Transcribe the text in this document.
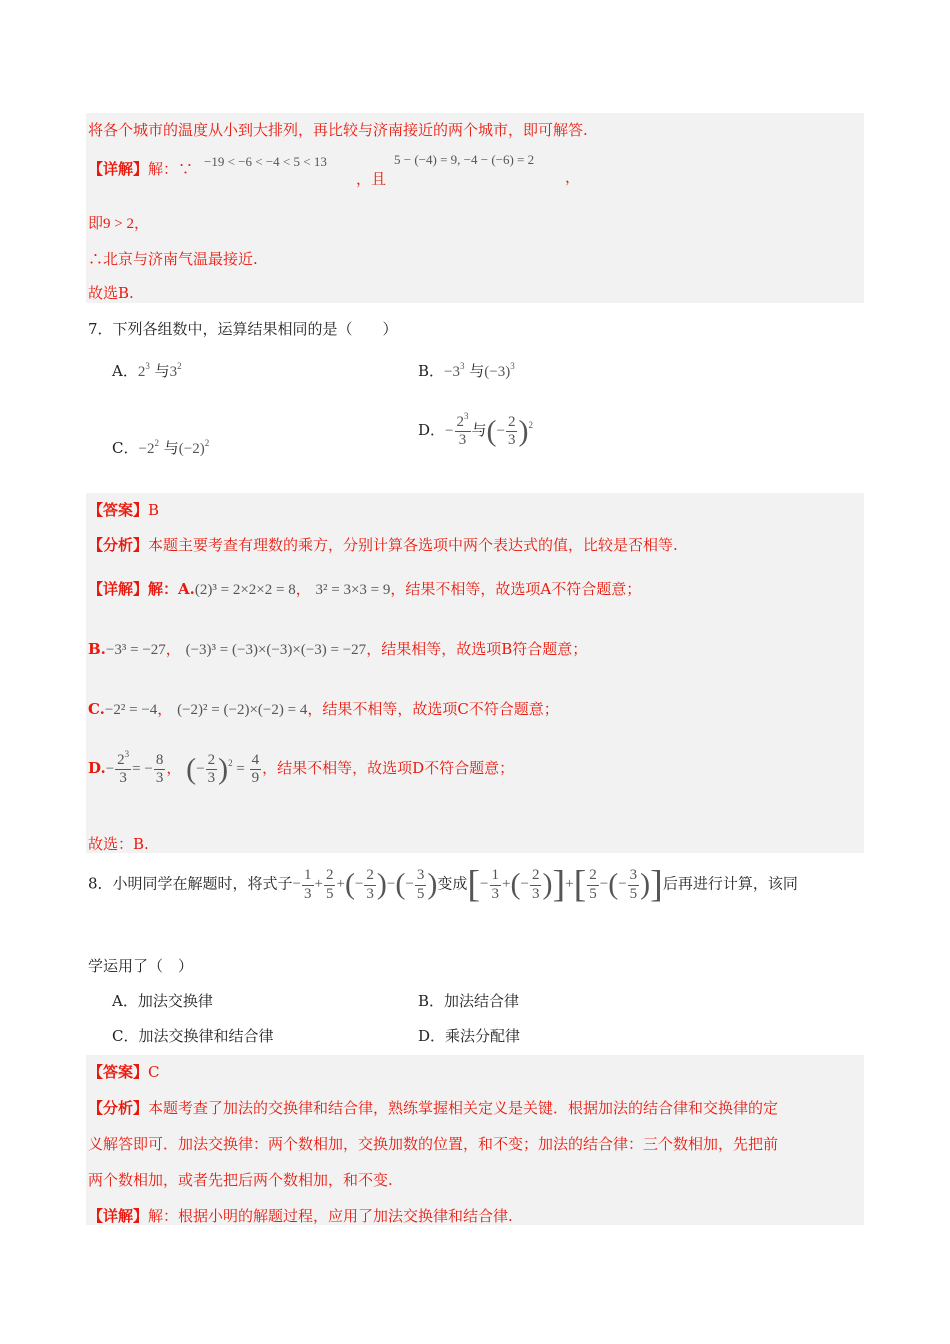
将各个城市的温度从小到大排列，再比较与济南接近的两个城市，即可解答.
【详解】解：∵ −19 < −6 < −4 < 5 < 13
，且
5 − (−4) = 9, −4 − (−6) = 2
，
即9 > 2，
∴北京与济南气温最接近.
故选B.
7．下列各组数中，运算结果相同的是（　　）
A．$2^3$ 与$3^2$	B．$-3^3$ 与$(-3)^3$
C．$-2^2$ 与$(-2)^2$
D．− $\frac{2^3}{3}$ 与(− $\frac{2}{3} )^2$
【答案】B
【分析】本题主要考查有理数的乘方，分别计算各选项中两个表达式的值，比较是否相等.
【详解】解：A.(2)³ = 2×2×2 = 8， 3² = 3×3 = 9，结果不相等，故选项A不符合题意；
B.−3³ = −27， (−3)³ = (−3)×(−3)×(−3) = −27，结果相等，故选项B符合题意；
C.−2² = −4， (−2)² = (−2)×(−2) = 4，结果不相等，故选项C不符合题意；
$D.- \frac{2^3}{3}$ = − $\frac{8}{3}$ ， (− $\frac{2}{3} )^2 = \frac{4}{9}$ ，结果不相等，故选项D不符合题意；
故选：B.
8．小明同学在解题时，将式子− $\frac{1}{3} + \frac{2}{5}$ +(− $\frac{2}{3}$ )−(− $\frac{3}{5}$ )变成[− $\frac{1}{3}$ +(− $\frac{2}{3}$ )]+[ $\frac{2}{5}$ −(− $\frac{3}{5}$ )]后再进行计算，该同
学运用了（　）
A．加法交换律	B．加法结合律
C．加法交换律和结合律	D．乘法分配律
【答案】C
【分析】本题考查了加法的交换律和结合律，熟练掌握相关定义是关键．根据加法的结合律和交换律的定
义解答即可．加法交换律：两个数相加，交换加数的位置，和不变；加法的结合律：三个数相加，先把前
两个数相加，或者先把后两个数相加，和不变.
【详解】解：根据小明的解题过程，应用了加法交换律和结合律.
